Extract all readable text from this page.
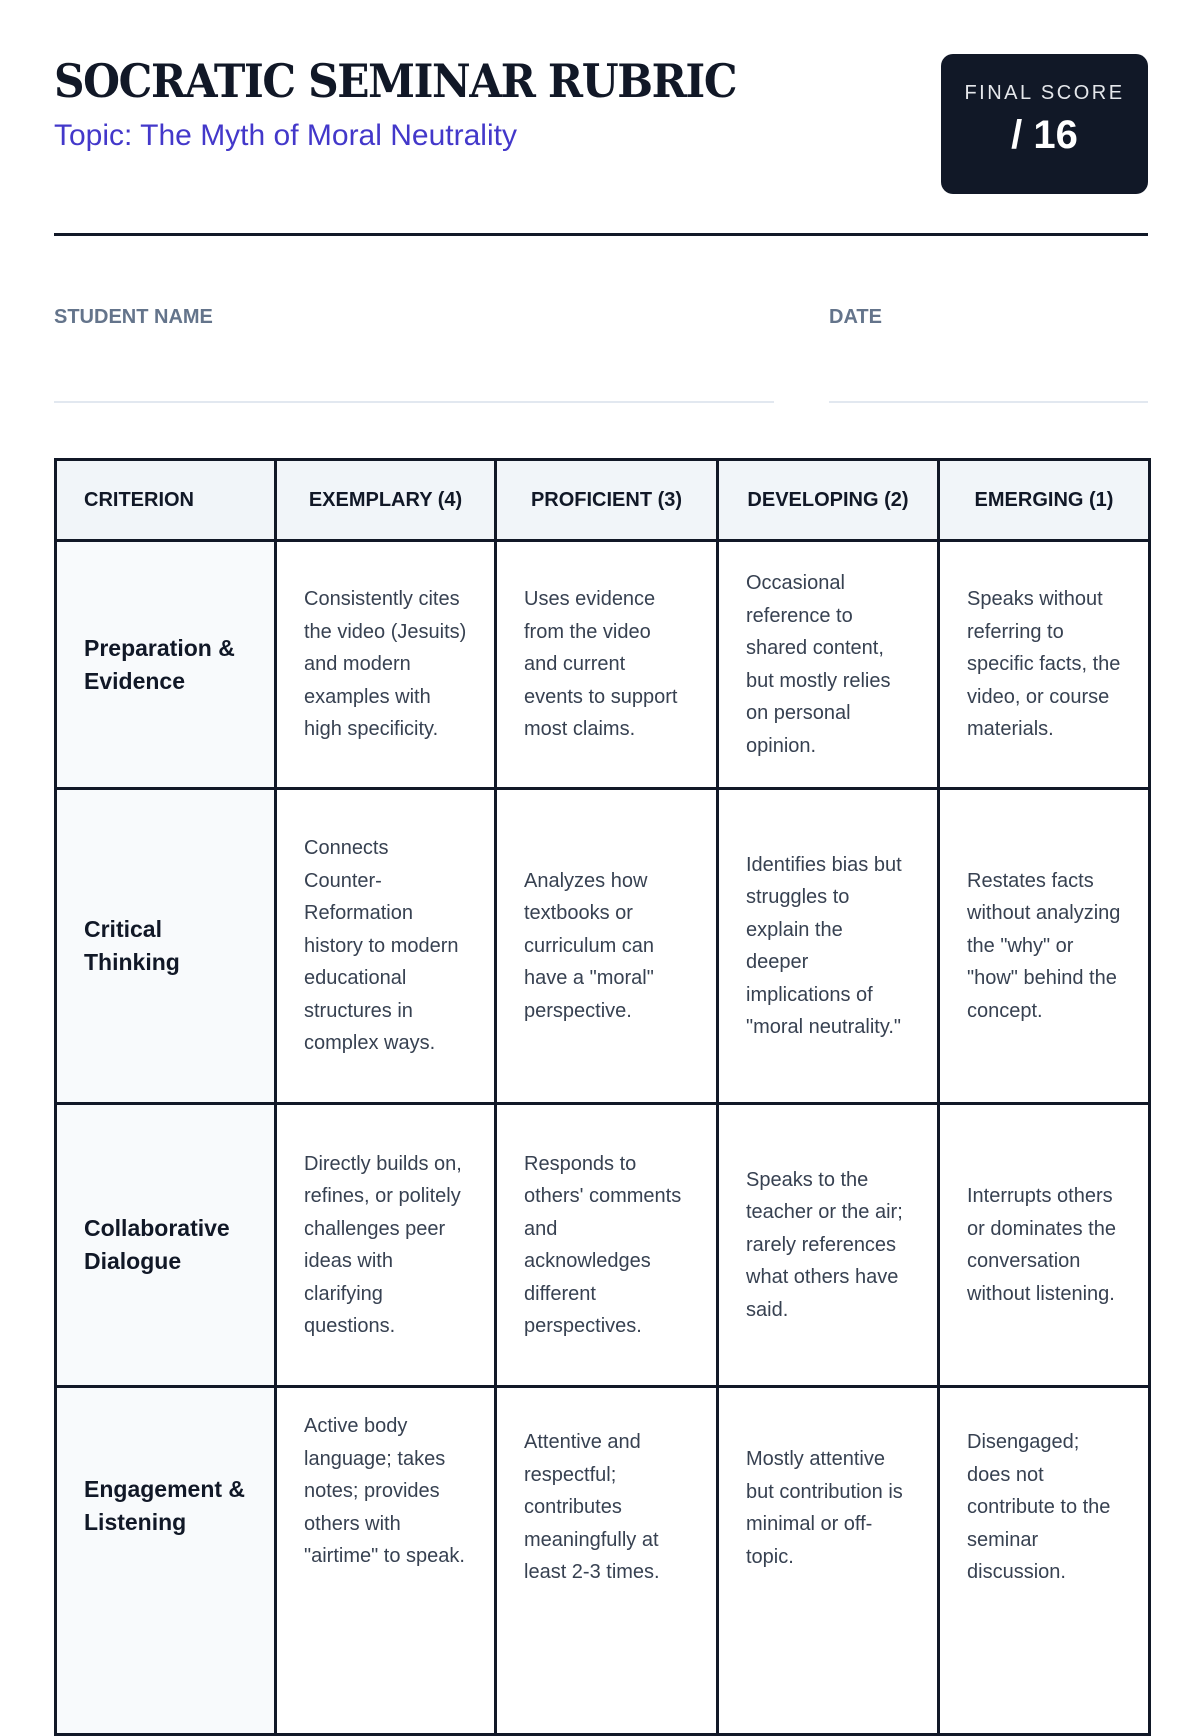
SOCRATIC SEMINAR RUBRIC
Topic: The Myth of Moral Neutrality
FINAL SCORE
/ 16
STUDENT NAME	DATE
CRITERION	EXEMPLARY (4)	PROFICIENT (3)	DEVELOPING (2)	EMERGING (1)
Preparation & Evidence	Consistently cites the video (Jesuits) and modern examples with high specificity.	Uses evidence from the video and current events to support most claims.	Occasional reference to shared content, but mostly relies on personal opinion.	Speaks without referring to specific facts, the video, or course materials.
Critical Thinking	Connects Counter-Reformation history to modern educational structures in complex ways.	Analyzes how textbooks or curriculum can have a "moral" perspective.	Identifies bias but struggles to explain the deeper implications of "moral neutrality."	Restates facts without analyzing the "why" or "how" behind the concept.
Collaborative Dialogue	Directly builds on, refines, or politely challenges peer ideas with clarifying questions.	Responds to others' comments and acknowledges different perspectives.	Speaks to the teacher or the air; rarely references what others have said.	Interrupts others or dominates the conversation without listening.
Engagement & Listening	Active body language; takes notes; provides others with "airtime" to speak.	Attentive and respectful; contributes meaningfully at least 2-3 times.	Mostly attentive but contribution is minimal or off-topic.	Disengaged; does not contribute to the seminar discussion.
